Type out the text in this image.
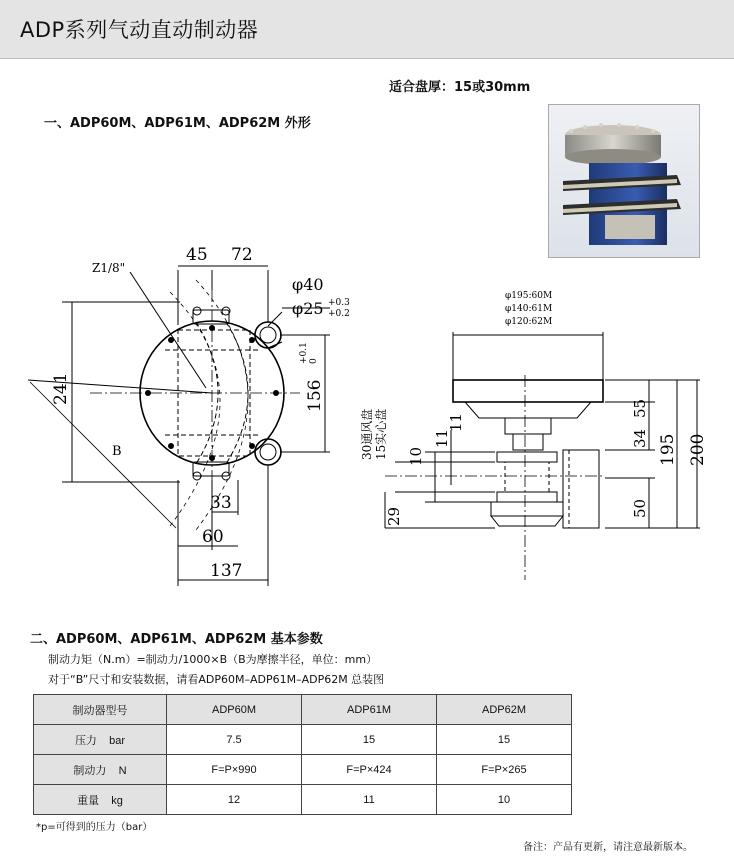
ADP系列气动直动制动器
适合盘厚：15或30mm
一、ADP60M、ADP61M、ADP62M 外形
45 72
Z1/8"
φ40
φ25 +0.3
+0.2
B
33
60
137
241	156
+0.1 0
φ195:60M
φ140:61M
φ120:62M
30通风盘 15实心盘
55
34 195 200
11
11
10
29	50
二、ADP60M、ADP61M、ADP62M 基本参数
制动力矩（N.m）=制动力/1000×B（B为摩擦半径，单位：mm）
对于“B”尺寸和安装数据，请看ADP60M–ADP61M–ADP62M 总装图
制动器型号	ADP60M	ADP61M	ADP62M
压力    bar	7.5	15	15
制动力    N	F=P×990	F=P×424	F=P×265
重量    kg	12	11	10
*p=可得到的压力（bar）
备注：产品有更新，请注意最新版本。
